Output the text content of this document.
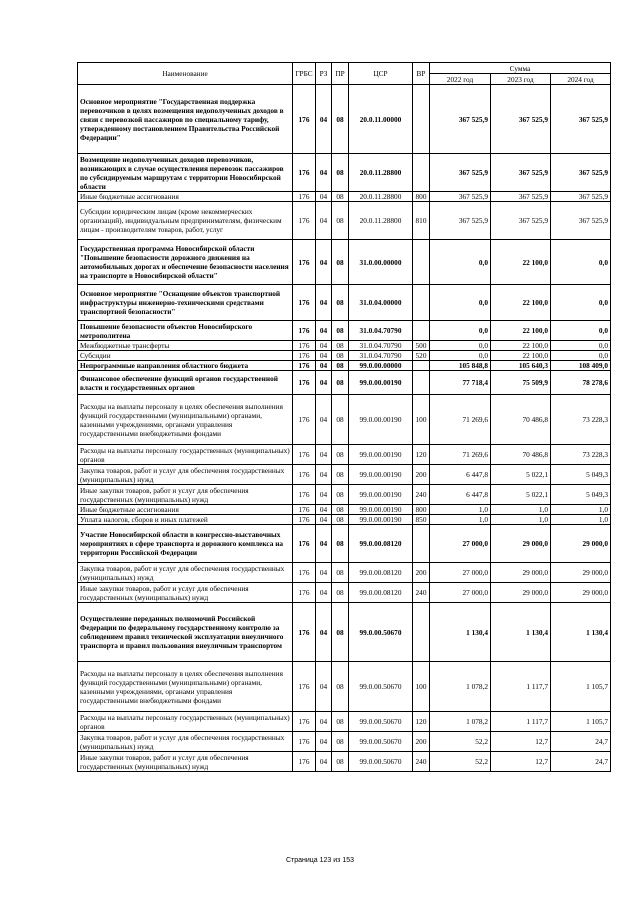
Наименование	ГРБС	РЗ	ПР	ЦСР	ВР	Сумма		
						2022 год	2023 год	2024 год
Основное мероприятие "Государственная поддержка перевозчиков в целях возмещения недополученных доходов в связи с перевозкой пассажиров по специальному тарифу, утвержденному постановлением Правительства Российской Федерации"	176	04	08	20.0.11.00000		367 525,9	367 525,9	367 525,9
Возмещение недополученных доходов перевозчиков, возникающих в случае осуществления перевозок пассажиров по субсидируемым маршрутам с территории Новосибирской области	176	04	08	20.0.11.28800		367 525,9	367 525,9	367 525,9
Иные бюджетные ассигнования	176	04	08	20.0.11.28800	800	367 525,9	367 525,9	367 525,9
Субсидии юридическим лицам (кроме некоммерческих организаций), индивидуальным предпринимателям, физическим лицам - производителям товаров, работ, услуг	176	04	08	20.0.11.28800	810	367 525,9	367 525,9	367 525,9
Государственная программа Новосибирской области "Повышение безопасности дорожного движения на автомобильных дорогах и обеспечение безопасности населения на транспорте в Новосибирской области"	176	04	08	31.0.00.00000		0,0	22 100,0	0,0
Основное мероприятие "Оснащение объектов транспортной инфраструктуры инженерно-техническими средствами транспортной безопасности"	176	04	08	31.0.04.00000		0,0	22 100,0	0,0
Повышение безопасности объектов Новосибирского метрополитена	176	04	08	31.0.04.70790		0,0	22 100,0	0,0
Межбюджетные трансферты	176	04	08	31.0.04.70790	500	0,0	22 100,0	0,0
Субсидии	176	04	08	31.0.04.70790	520	0,0	22 100,0	0,0
Непрограммные направления областного бюджета	176	04	08	99.0.00.00000		105 848,8	105 640,3	108 409,0
Финансовое обеспечение функций органов государственной власти и государственных органов	176	04	08	99.0.00.00190		77 718,4	75 509,9	78 278,6
Расходы на выплаты персоналу в целях обеспечения выполнения функций государственными (муниципальными) органами, казенными учреждениями, органами управления государственными внебюджетными фондами	176	04	08	99.0.00.00190	100	71 269,6	70 486,8	73 228,3
Расходы на выплаты персоналу государственных (муниципальных) органов	176	04	08	99.0.00.00190	120	71 269,6	70 486,8	73 228,3
Закупка товаров, работ и услуг для обеспечения государственных (муниципальных) нужд	176	04	08	99.0.00.00190	200	6 447,8	5 022,1	5 049,3
Иные закупки товаров, работ и услуг для обеспечения государственных (муниципальных) нужд	176	04	08	99.0.00.00190	240	6 447,8	5 022,1	5 049,3
Иные бюджетные ассигнования	176	04	08	99.0.00.00190	800	1,0	1,0	1,0
Уплата налогов, сборов и иных платежей	176	04	08	99.0.00.00190	850	1,0	1,0	1,0
Участие Новосибирской области в конгрессно-выставочных мероприятиях в сфере транспорта и дорожного комплекса на территории Российской Федерации	176	04	08	99.0.00.08120		27 000,0	29 000,0	29 000,0
Закупка товаров, работ и услуг для обеспечения государственных (муниципальных) нужд	176	04	08	99.0.00.08120	200	27 000,0	29 000,0	29 000,0
Иные закупки товаров, работ и услуг для обеспечения государственных (муниципальных) нужд	176	04	08	99.0.00.08120	240	27 000,0	29 000,0	29 000,0
Осуществление переданных полномочий Российской Федерации по федеральному государственному контролю за соблюдением правил технической эксплуатации внеуличного транспорта и правил пользования внеуличным транспортом	176	04	08	99.0.00.50670		1 130,4	1 130,4	1 130,4
Расходы на выплаты персоналу в целях обеспечения выполнения функций государственными (муниципальными) органами, казенными учреждениями, органами управления государственными внебюджетными фондами	176	04	08	99.0.00.50670	100	1 078,2	1 117,7	1 105,7
Расходы на выплаты персоналу государственных (муниципальных) органов	176	04	08	99.0.00.50670	120	1 078,2	1 117,7	1 105,7
Закупка товаров, работ и услуг для обеспечения государственных (муниципальных) нужд	176	04	08	99.0.00.50670	200	52,2	12,7	24,7
Иные закупки товаров, работ и услуг для обеспечения государственных (муниципальных) нужд	176	04	08	99.0.00.50670	240	52,2	12,7	24,7
Страница 123 из 153
